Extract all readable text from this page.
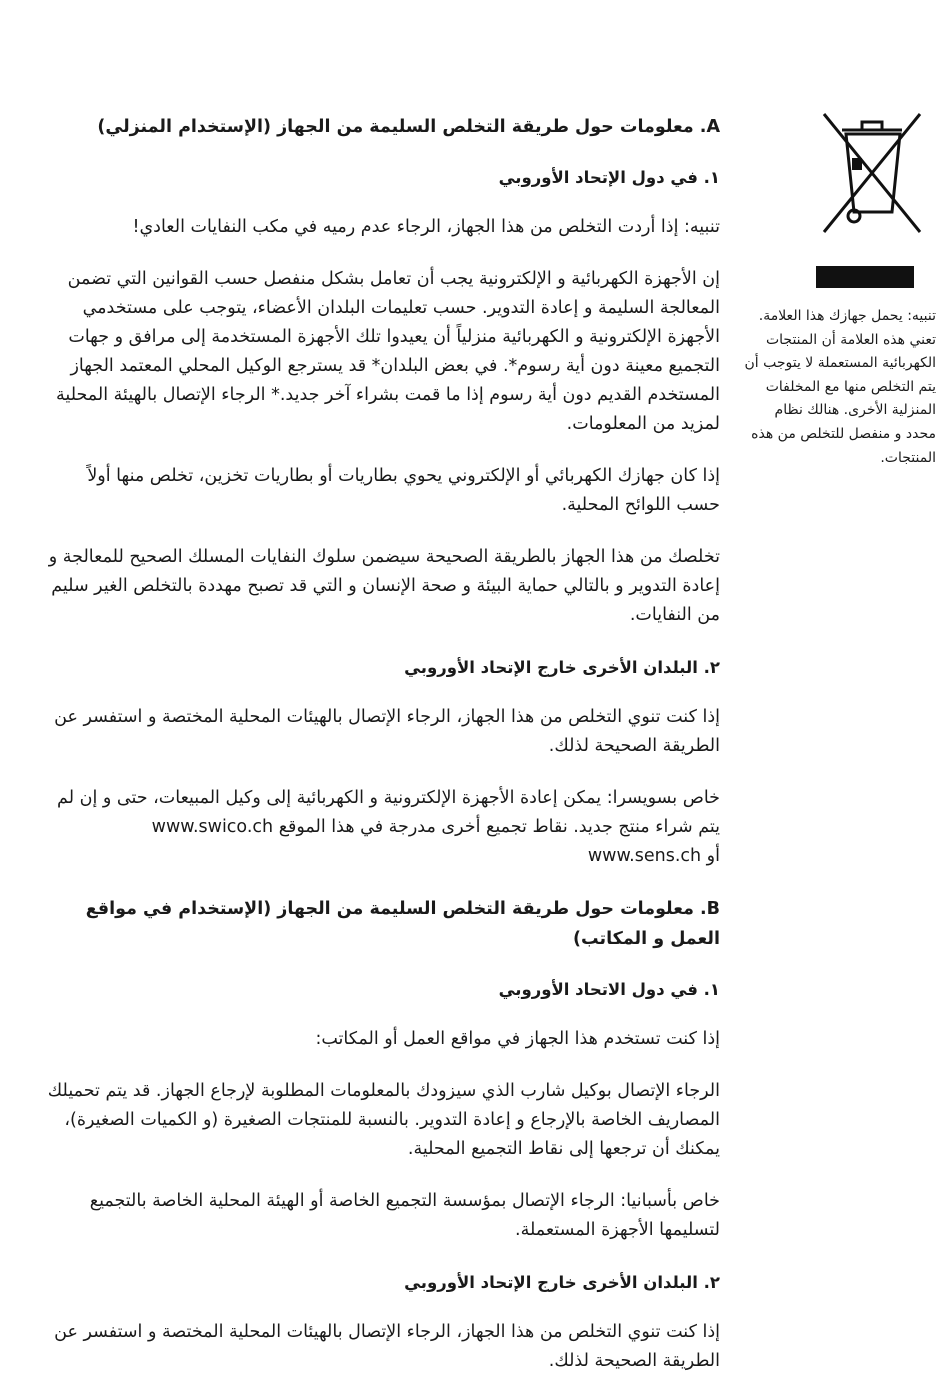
تنبيه: يحمل جهازك هذا العلامة. تعني هذه العلامة أن المنتجات الكهربائية المستعملة لا يتوجب أن يتم التخلص منها مع المخلفات المنزلية الأخرى. هنالك نظام محدد و منفصل للتخلص من هذه المنتجات.
A. معلومات حول طريقة التخلص السليمة من الجهاز (الإستخدام المنزلي)
١. في دول الإتحاد الأوروبي

تنبيه: إذا أردت التخلص من هذا الجهاز، الرجاء عدم رميه في مكب النفايات العادي!

إن الأجهزة الكهربائية و الإلكترونية يجب أن تعامل بشكل منفصل حسب القوانين التي تضمن المعالجة السليمة و إعادة التدوير. حسب تعليمات البلدان الأعضاء، يتوجب على مستخدمي الأجهزة الإلكترونية و الكهربائية منزلياً أن يعيدوا تلك الأجهزة المستخدمة إلى مرافق و جهات التجميع معينة دون أية رسوم*. في بعض البلدان* قد يسترجع الوكيل المحلي المعتمد الجهاز المستخدم القديم دون أية رسوم إذا ما قمت بشراء آخر جديد.* الرجاء الإتصال بالهيئة المحلية لمزيد من المعلومات.

إذا كان جهازك الكهربائي أو الإلكتروني يحوي بطاريات أو بطاريات تخزين، تخلص منها أولاً حسب اللوائح المحلية.

تخلصك من هذا الجهاز بالطريقة الصحيحة سيضمن سلوك النفايات المسلك الصحيح للمعالجة و إعادة التدوير و بالتالي حماية البيئة و صحة الإنسان و التي قد تصبح مهددة بالتخلص الغير سليم من النفايات.

٢. البلدان الأخرى خارج الإتحاد الأوروبي

إذا كنت تنوي التخلص من هذا الجهاز، الرجاء الإتصال بالهيئات المحلية المختصة و استفسر عن الطريقة الصحيحة لذلك.

خاص بسويسرا: يمكن إعادة الأجهزة الإلكترونية و الكهربائية إلى وكيل المبيعات، حتى و إن لم يتم شراء منتج جديد. نقاط تجميع أخرى مدرجة في هذا الموقع www.swico.ch
أو www.sens.ch

B. معلومات حول طريقة التخلص السليمة من الجهاز (الإستخدام في مواقع العمل و المكاتب)
١. في دول الاتحاد الأوروبي

إذا كنت تستخدم هذا الجهاز في مواقع العمل أو المكاتب:

الرجاء الإتصال بوكيل شارب الذي سيزودك بالمعلومات المطلوبة لإرجاع الجهاز. قد يتم تحميلك المصاريف الخاصة بالإرجاع و إعادة التدوير. بالنسبة للمنتجات الصغيرة (و الكميات الصغيرة)، يمكنك أن ترجعها إلى نقاط التجميع المحلية.

خاص بأسبانيا: الرجاء الإتصال بمؤسسة التجميع الخاصة أو الهيئة المحلية الخاصة بالتجميع لتسليمها الأجهزة المستعملة.

٢. البلدان الأخرى خارج الإتحاد الأوروبي

إذا كنت تنوي التخلص من هذا الجهاز، الرجاء الإتصال بالهيئات المحلية المختصة و استفسر عن الطريقة الصحيحة لذلك.
